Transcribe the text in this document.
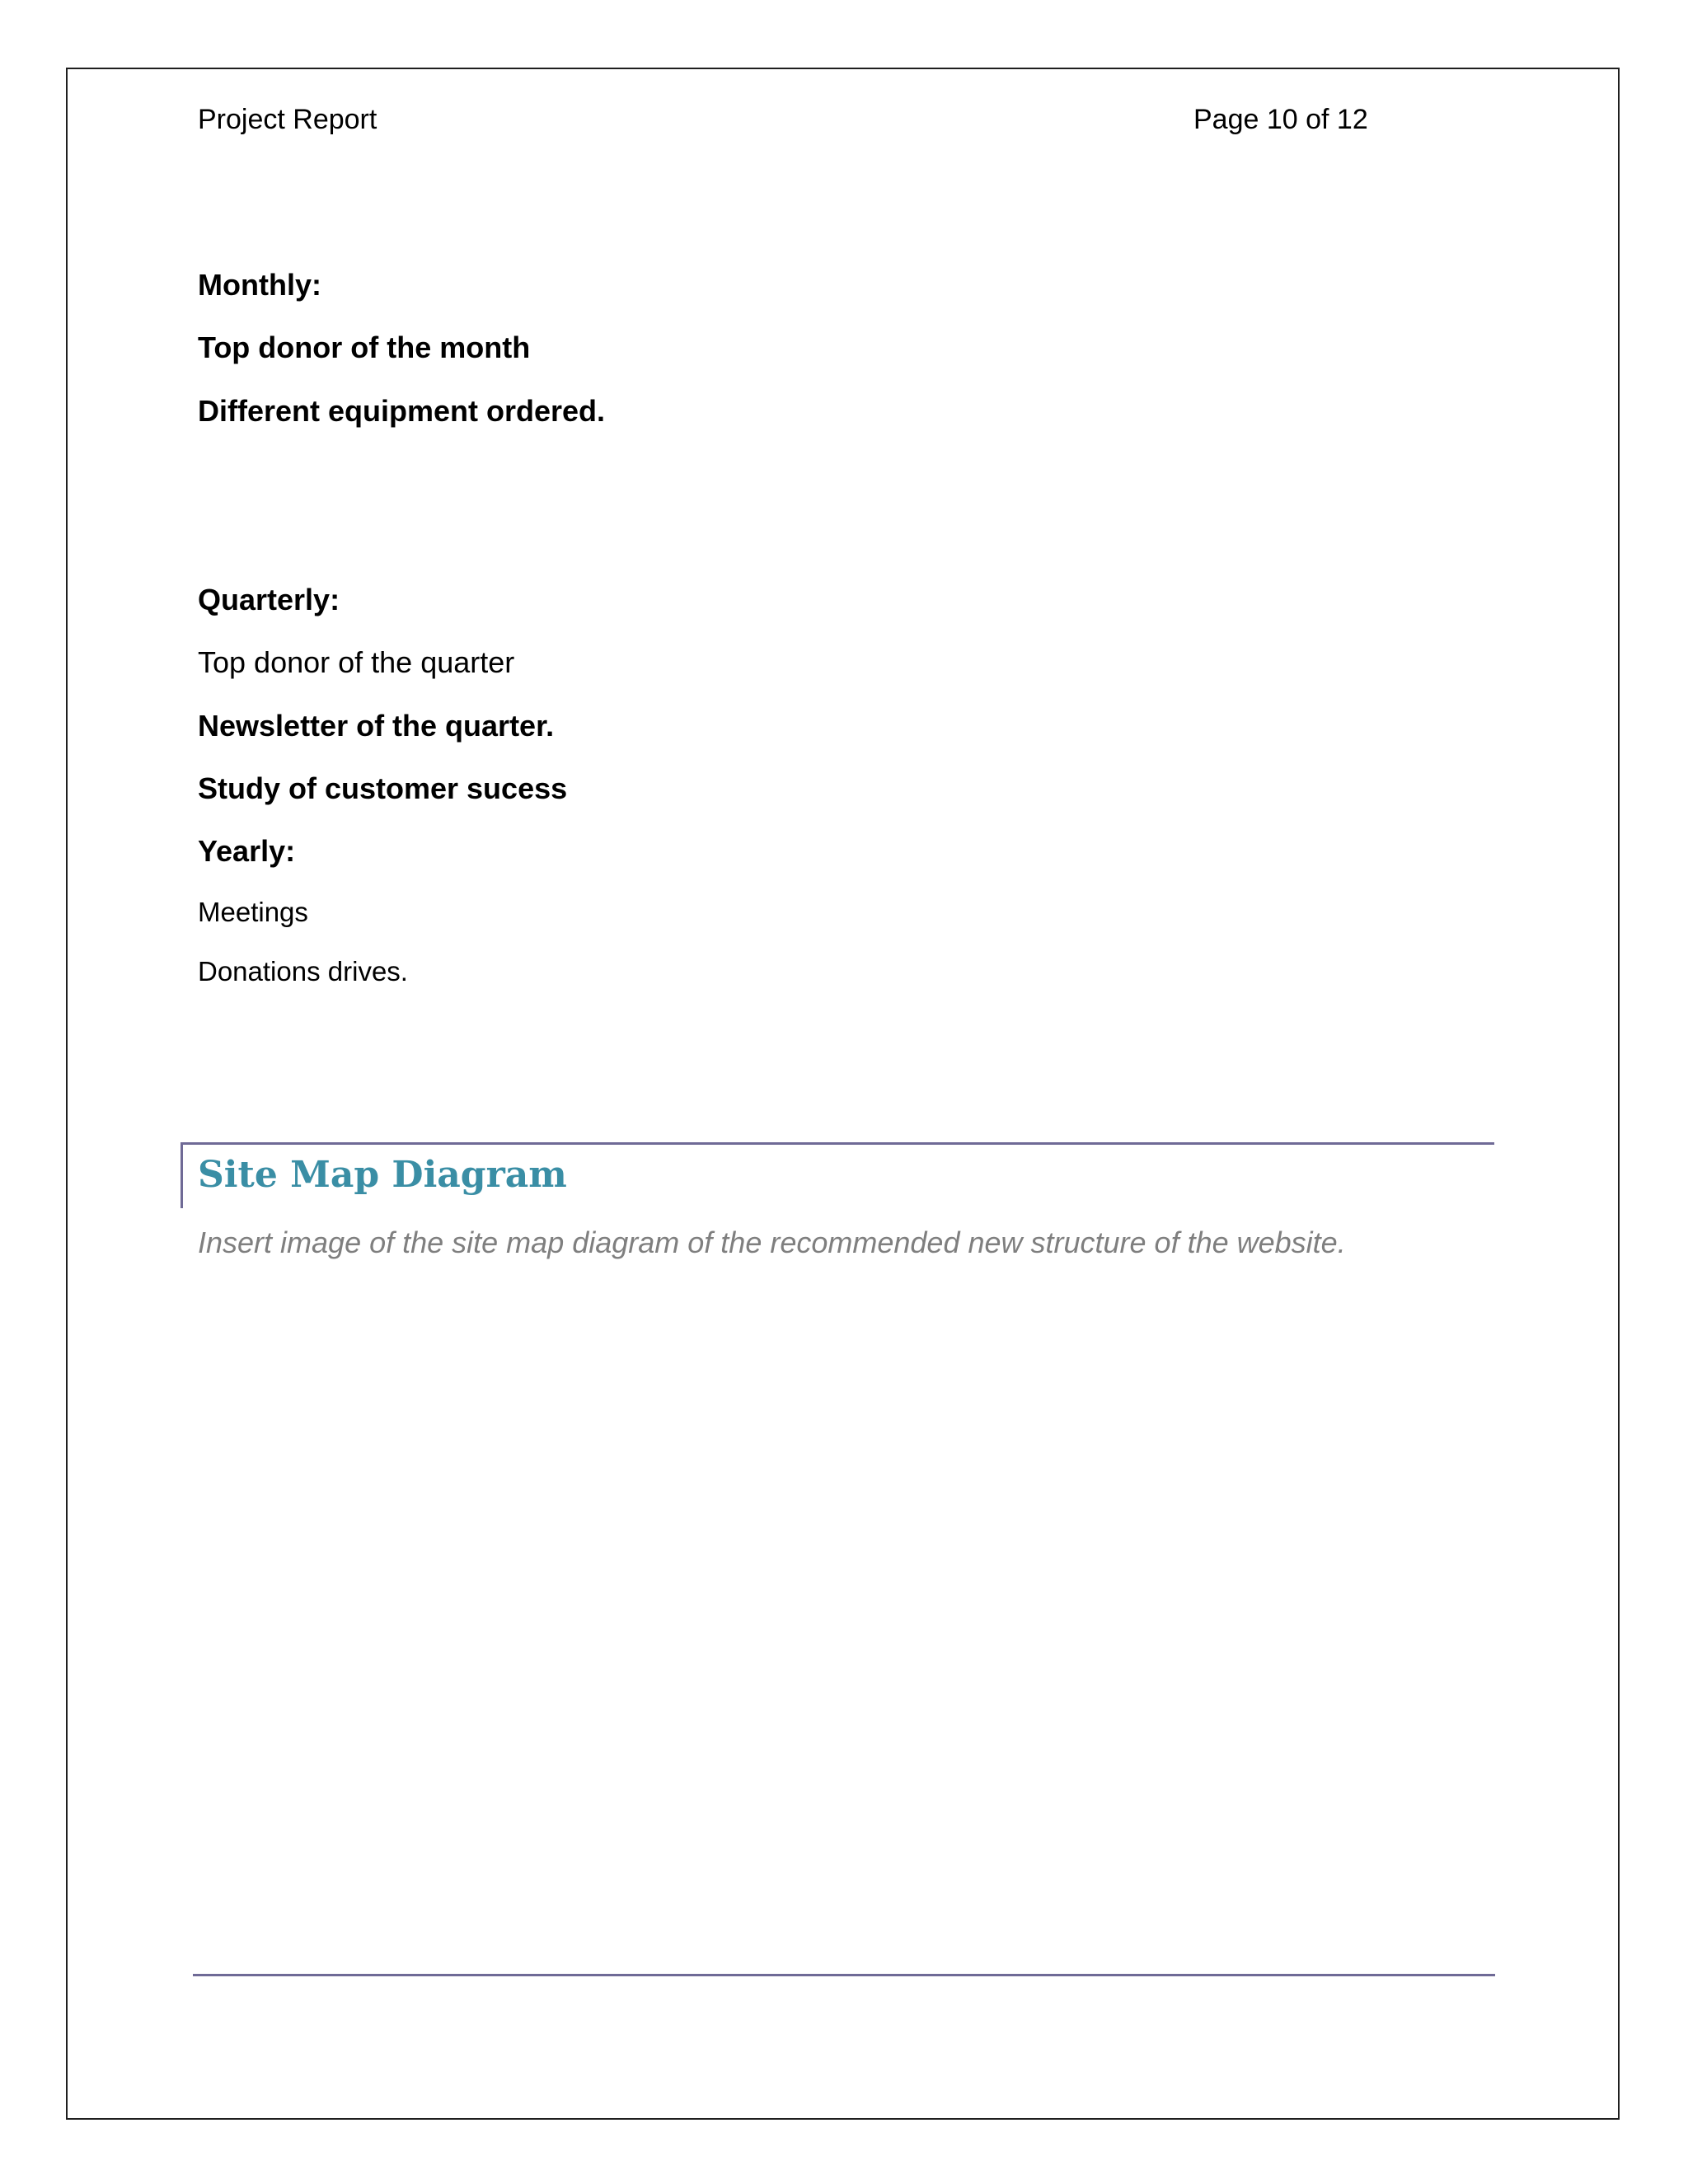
Project Report	Page 10 of 12
Monthly:
Top donor of the month
Different equipment ordered.
Quarterly:
Top donor of the quarter
Newsletter of the quarter.
Study of customer sucess
Yearly:
Meetings
Donations drives.
Site Map Diagram
Insert image of the site map diagram of the recommended new structure of the website.
